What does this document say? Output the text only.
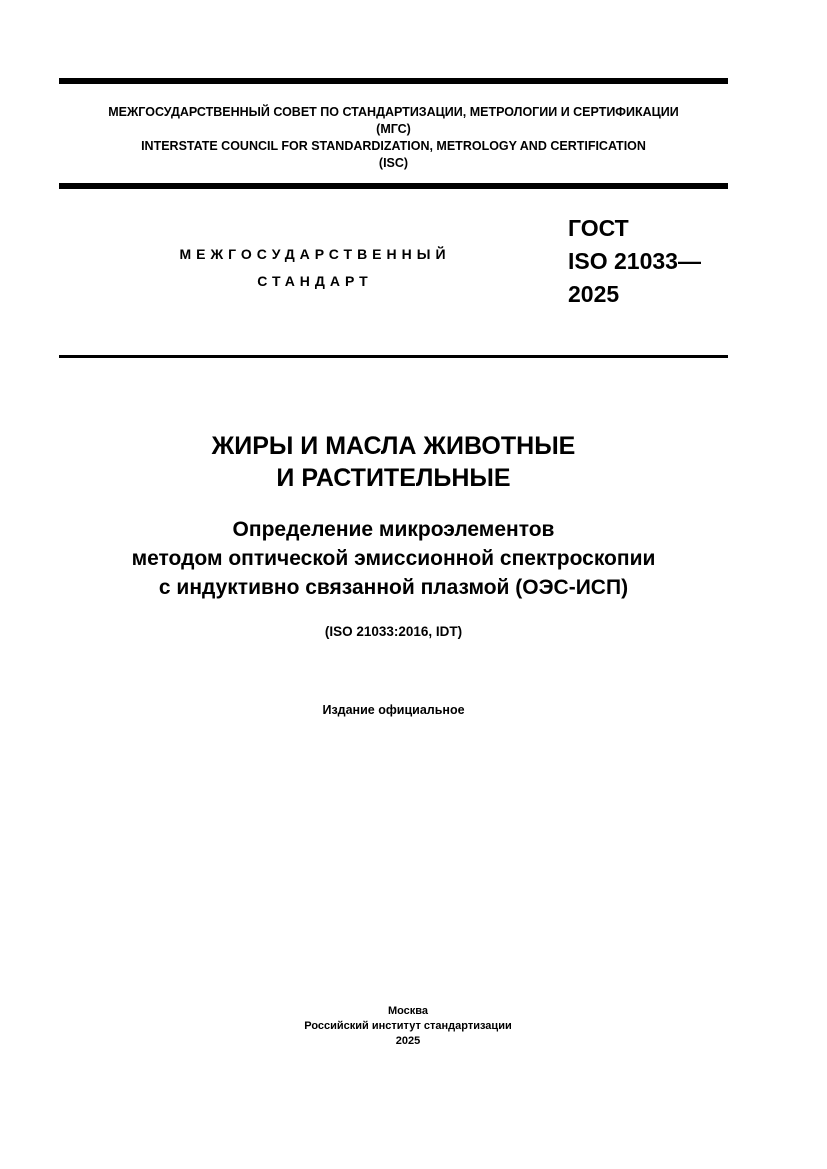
МЕЖГОСУДАРСТВЕННЫЙ СОВЕТ ПО СТАНДАРТИЗАЦИИ, МЕТРОЛОГИИ И СЕРТИФИКАЦИИ
(МГС)
INTERSTATE COUNCIL FOR STANDARDIZATION, METROLOGY AND CERTIFICATION
(ISC)
МЕЖГОСУДАРСТВЕННЫЙ
СТАНДАРТ
ГОСТ
ISO 21033—
2025
ЖИРЫ И МАСЛА ЖИВОТНЫЕ
И РАСТИТЕЛЬНЫЕ
Определение микроэлементов
методом оптической эмиссионной спектроскопии
с индуктивно связанной плазмой (ОЭС-ИСП)
(ISO 21033:2016, IDT)
Издание официальное
Москва
Российский институт стандартизации
2025
